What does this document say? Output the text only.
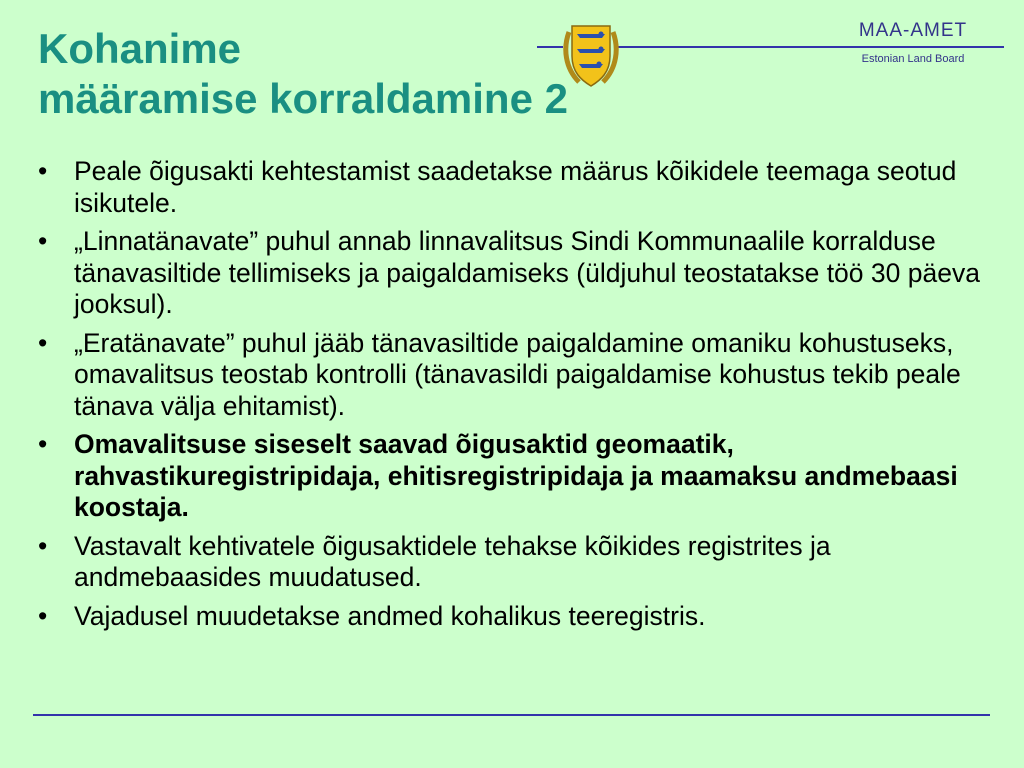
Kohanime
määramise korraldamine 2
MAA-AMET
Estonian Land Board
• Peale õigusakti kehtestamist saadetakse määrus kõikidele teemaga seotud isikutele.
• „Linnatänavate” puhul annab linnavalitsus Sindi Kommunaalile korralduse tänavasiltide tellimiseks ja paigaldamiseks (üldjuhul teostatakse töö 30 päeva jooksul).
• „Eratänavate” puhul jääb tänavasiltide paigaldamine omaniku kohustuseks, omavalitsus teostab kontrolli (tänavasildi paigaldamise kohustus tekib peale tänava välja ehitamist).
• Omavalitsuse siseselt saavad õigusaktid geomaatik, rahvastikuregistripidaja, ehitisregistripidaja ja maamaksu andmebaasi koostaja.
• Vastavalt kehtivatele õigusaktidele tehakse kõikides registrites ja andmebaasides muudatused.
• Vajadusel muudetakse andmed kohalikus teeregistris.
